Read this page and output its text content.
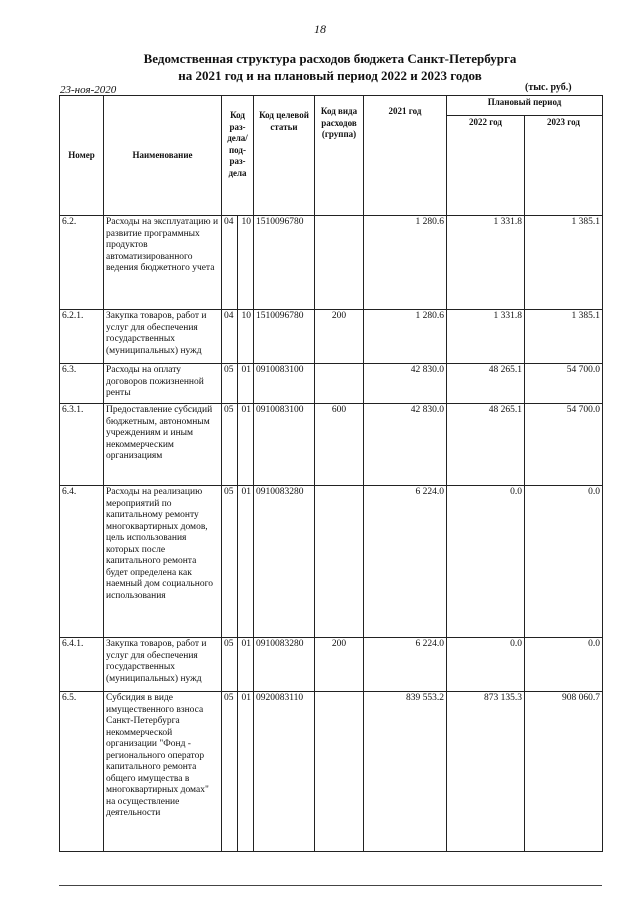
18
Ведомственная структура расходов бюджета Санкт-Петербурга
на 2021 год и на плановый период 2022 и 2023 годов
23-ноя-2020	(тыс. руб.)
Номер	Наименование	Код раз- дела/ под- раз- дела		Код целевой статьи	Код вида расходов (группа)	2021 год	Плановый период	
							2022 год	2023 год
6.2.	Расходы на эксплуатацию и развитие программных продуктов автоматизированного ведения бюджетного учета	04	10	1510096780		1 280.6	1 331.8	1 385.1
6.2.1.	Закупка товаров, работ и услуг для обеспечения государственных (муниципальных) нужд	04	10	1510096780	200	1 280.6	1 331.8	1 385.1
6.3.	Расходы на оплату договоров пожизненной ренты	05	01	0910083100		42 830.0	48 265.1	54 700.0
6.3.1.	Предоставление субсидий бюджетным, автономным учреждениям и иным некоммерческим организациям	05	01	0910083100	600	42 830.0	48 265.1	54 700.0
6.4.	Расходы на реализацию мероприятий по капитальному ремонту многоквартирных домов, цель использования которых после капитального ремонта будет определена как наемный дом социального использования	05	01	0910083280		6 224.0	0.0	0.0
6.4.1.	Закупка товаров, работ и услуг для обеспечения государственных (муниципальных) нужд	05	01	0910083280	200	6 224.0	0.0	0.0
6.5.	Субсидия в виде имущественного взноса Санкт-Петербурга некоммерческой организации "Фонд - регионального оператор капитального ремонта общего имущества в многоквартирных домах" на осуществление деятельности	05	01	0920083110		839 553.2	873 135.3	908 060.7
